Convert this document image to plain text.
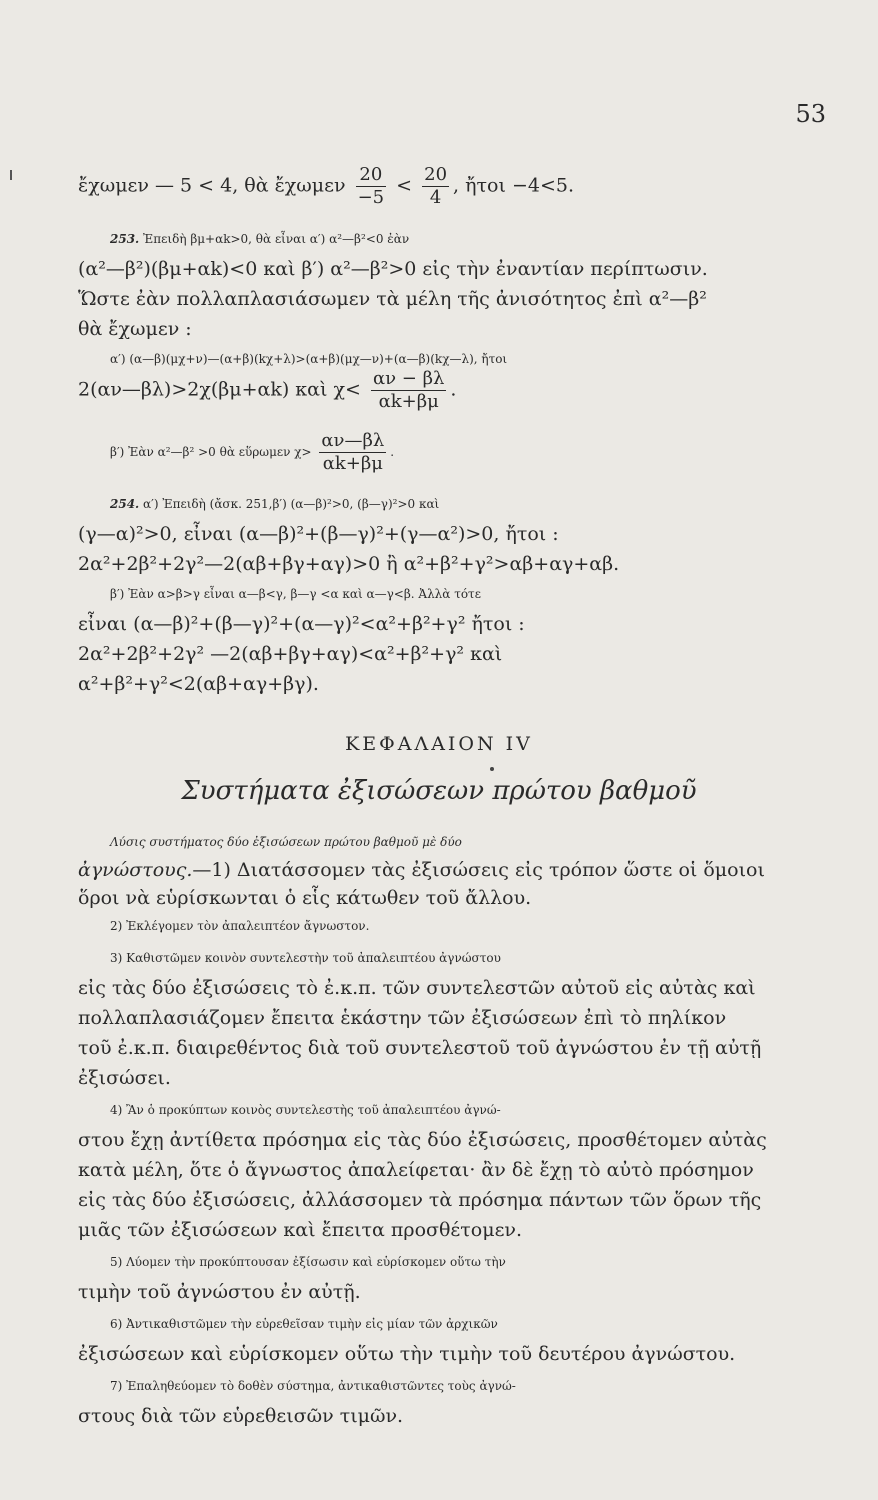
53
ἔχωμεν — 5 < 4, θὰ ἔχωμεν $\frac{20}{-5} < \frac{20}{4}$ , ἤτοι −4<5.
253. Ἐπειδὴ βμ+αk>0, θὰ εἶναι α′) α²—β²<0 ἐὰν
(α²—β²)(βμ+αk)<0 καὶ β′) α²—β²>0 εἰς τὴν ἐναντίαν περίπτωσιν.
Ὥστε ἐὰν πολλαπλασιάσωμεν τὰ μέλη τῆς ἀνισότητος ἐπὶ α²—β²
θὰ ἔχωμεν :
α′) (α—β)(μχ+ν)—(α+β)(kχ+λ)>(α+β)(μχ—ν)+(α—β)(kχ—λ), ἤτοι
2(αν—βλ)>2χ(βμ+αk) καὶ $\chi< \frac{\alpha\nu - \beta\lambda}{\alpha k+\beta\mu}$ .
β′) Ἐὰν α²—β² >0 θὰ εὕρωμεν $\chi> \frac{\alpha\nu—\beta\lambda}{\alpha k+\beta\mu}$ .
254. α′) Ἐπειδὴ (ἄσκ. 251,β′) (α—β)²>0, (β—γ)²>0 καὶ
(γ—α)²>0, εἶναι (α—β)²+(β—γ)²+(γ—α²)>0, ἤτοι :
2α²+2β²+2γ²—2(αβ+βγ+αγ)>0 ἢ α²+β²+γ²>αβ+αγ+αβ.
β′) Ἐὰν α>β>γ εἶναι α—β<γ, β—γ <α καὶ α—γ<β. Ἀλλὰ τότε
εἶναι (α—β)²+(β—γ)²+(α—γ)²<α²+β²+γ² ἤτοι :
2α²+2β²+2γ² —2(αβ+βγ+αγ)<α²+β²+γ² καὶ
α²+β²+γ²<2(αβ+αγ+βγ).
ΚΕΦΑΛΑΙΟΝ IV
Συστήματα ἐξισώσεων πρώτου βαθμοῦ
Λύσις συστήματος δύο ἐξισώσεων πρώτου βαθμοῦ μὲ δύο
ἀγνώστους.—1) Διατάσσομεν τὰς ἐξισώσεις εἰς τρόπον ὥστε οἱ ὅμοιοι
ὅροι νὰ εὑρίσκωνται ὁ εἷς κάτωθεν τοῦ ἄλλου.
2) Ἐκλέγομεν τὸν ἀπαλειπτέον ἄγνωστον.
3) Καθιστῶμεν κοινὸν συντελεστὴν τοῦ ἀπαλειπτέου ἀγνώστου
εἰς τὰς δύο ἐξισώσεις τὸ ἐ.κ.π. τῶν συντελεστῶν αὐτοῦ εἰς αὐτὰς καὶ
πολλαπλασιάζομεν ἔπειτα ἑκάστην τῶν ἐξισώσεων ἐπὶ τὸ πηλίκον
τοῦ ἐ.κ.π. διαιρεθέντος διὰ τοῦ συντελεστοῦ τοῦ ἀγνώστου ἐν τῇ αὐτῇ
ἐξισώσει.
4) Ἂν ὁ προκύπτων κοινὸς συντελεστὴς τοῦ ἀπαλειπτέου ἀγνώ-
στου ἔχῃ ἀντίθετα πρόσημα εἰς τὰς δύο ἐξισώσεις, προσθέτομεν αὐτὰς
κατὰ μέλη, ὅτε ὁ ἄγνωστος ἀπαλείφεται· ἂν δὲ ἔχῃ τὸ αὐτὸ πρόσημον
εἰς τὰς δύο ἐξισώσεις, ἀλλάσσομεν τὰ πρόσημα πάντων τῶν ὅρων τῆς
μιᾶς τῶν ἐξισώσεων καὶ ἔπειτα προσθέτομεν.
5) Λύομεν τὴν προκύπτουσαν ἐξίσωσιν καὶ εὑρίσκομεν οὕτω τὴν
τιμὴν τοῦ ἀγνώστου ἐν αὐτῇ.
6) Ἀντικαθιστῶμεν τὴν εὑρεθεῖσαν τιμὴν εἰς μίαν τῶν ἀρχικῶν
ἐξισώσεων καὶ εὑρίσκομεν οὕτω τὴν τιμὴν τοῦ δευτέρου ἀγνώστου.
7) Ἐπαληθεύομεν τὸ δοθὲν σύστημα, ἀντικαθιστῶντες τοὺς ἀγνώ-
στους διὰ τῶν εὑρεθεισῶν τιμῶν.
